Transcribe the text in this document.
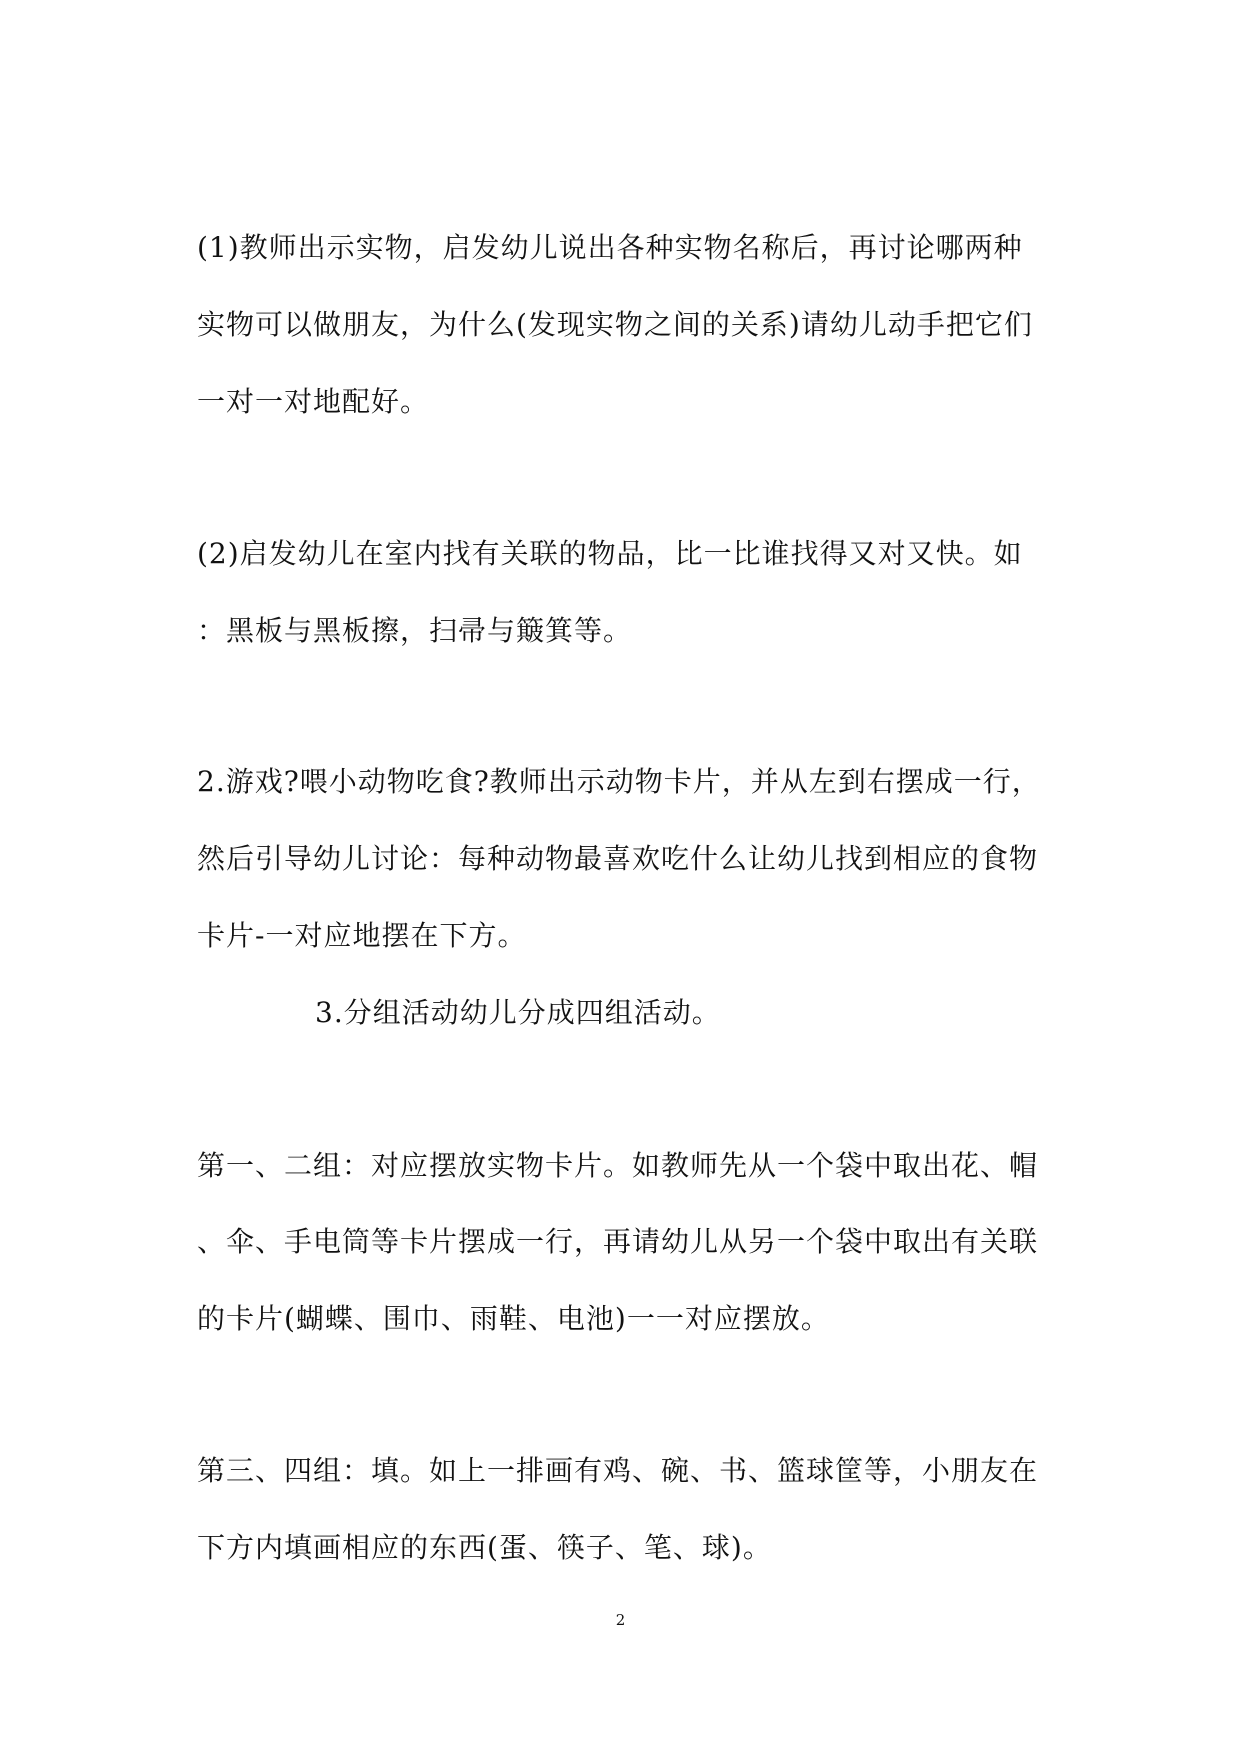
(1)教师出示实物，启发幼儿说出各种实物名称后，再讨论哪两种
实物可以做朋友，为什么(发现实物之间的关系)请幼儿动手把它们
一对一对地配好。
(2)启发幼儿在室内找有关联的物品，比一比谁找得又对又快。如
：黑板与黑板擦，扫帚与簸箕等。
2.游戏?喂小动物吃食?教师出示动物卡片，并从左到右摆成一行，
然后引导幼儿讨论：每种动物最喜欢吃什么让幼儿找到相应的食物
卡片-一对应地摆在下方。
3.分组活动幼儿分成四组活动。
第一、二组：对应摆放实物卡片。如教师先从一个袋中取出花、帽
、伞、手电筒等卡片摆成一行，再请幼儿从另一个袋中取出有关联
的卡片(蝴蝶、围巾、雨鞋、电池)一一对应摆放。
第三、四组：填。如上一排画有鸡、碗、书、篮球筐等，小朋友在
下方内填画相应的东西(蛋、筷子、笔、球)。
2
